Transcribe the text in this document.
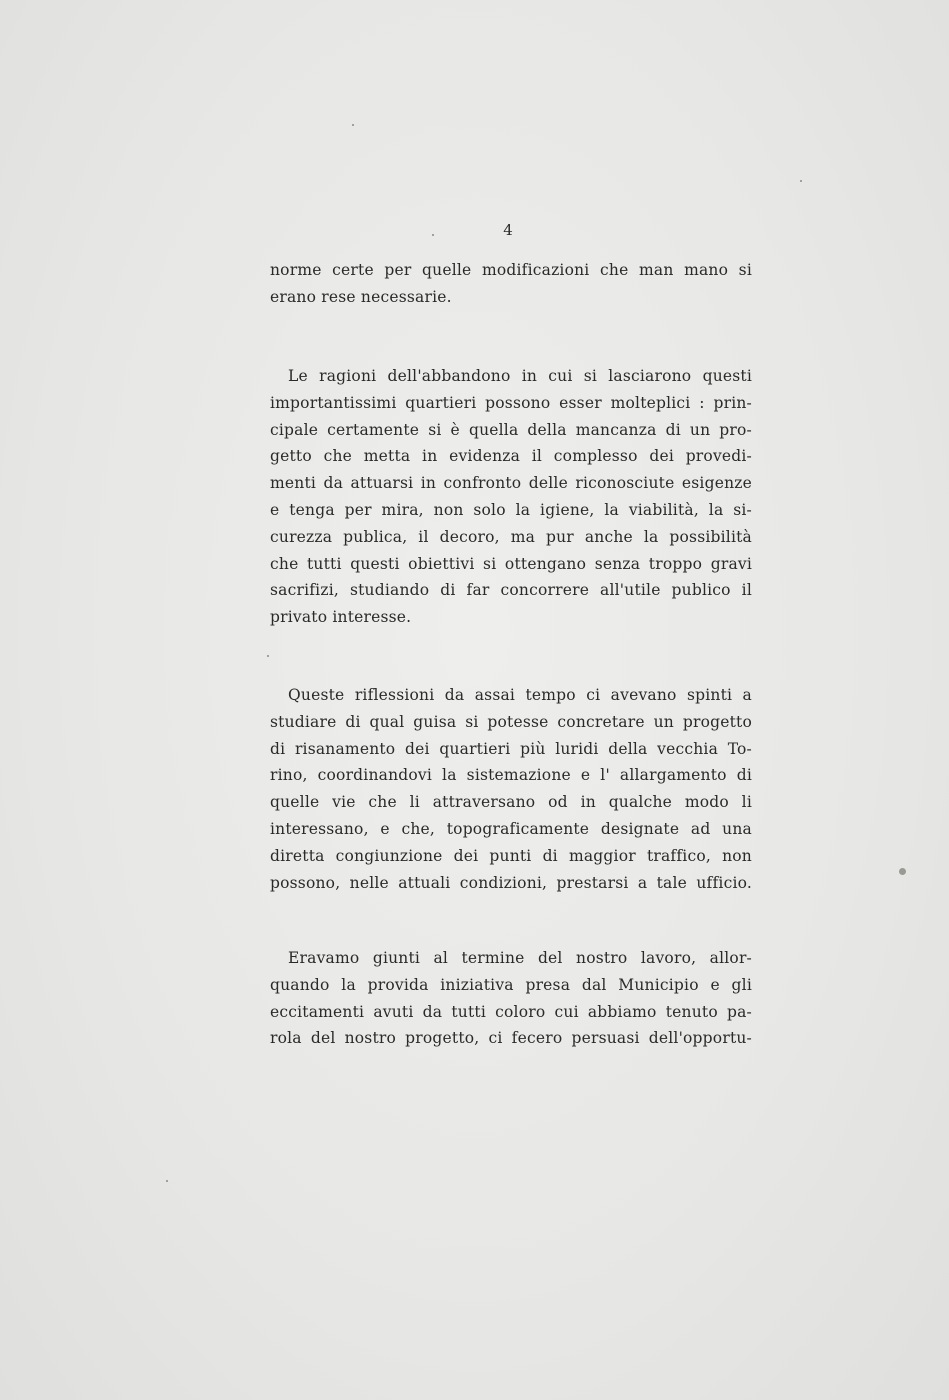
4
norme certe per quelle modificazioni che man mano si
erano rese necessarie.
Le ragioni dell'abbandono in cui si lasciarono questi
importantissimi quartieri possono esser molteplici : prin-
cipale certamente si è quella della mancanza di un pro-
getto che metta in evidenza il complesso dei provedi-
menti da attuarsi in confronto delle riconosciute esigenze
e tenga per mira, non solo la igiene, la viabilità, la si-
curezza publica, il decoro, ma pur anche la possibilità
che tutti questi obiettivi si ottengano senza troppo gravi
sacrifizi, studiando di far concorrere all'utile publico il
privato interesse.
Queste riflessioni da assai tempo ci avevano spinti a
studiare di qual guisa si potesse concretare un progetto
di risanamento dei quartieri più luridi della vecchia To-
rino, coordinandovi la sistemazione e l' allargamento di
quelle vie che li attraversano od in qualche modo li
interessano, e che, topograficamente designate ad una
diretta congiunzione dei punti di maggior traffico, non
possono, nelle attuali condizioni, prestarsi a tale ufficio.
Eravamo giunti al termine del nostro lavoro, allor-
quando la provida iniziativa presa dal Municipio e gli
eccitamenti avuti da tutti coloro cui abbiamo tenuto pa-
rola del nostro progetto, ci fecero persuasi dell'opportu-
